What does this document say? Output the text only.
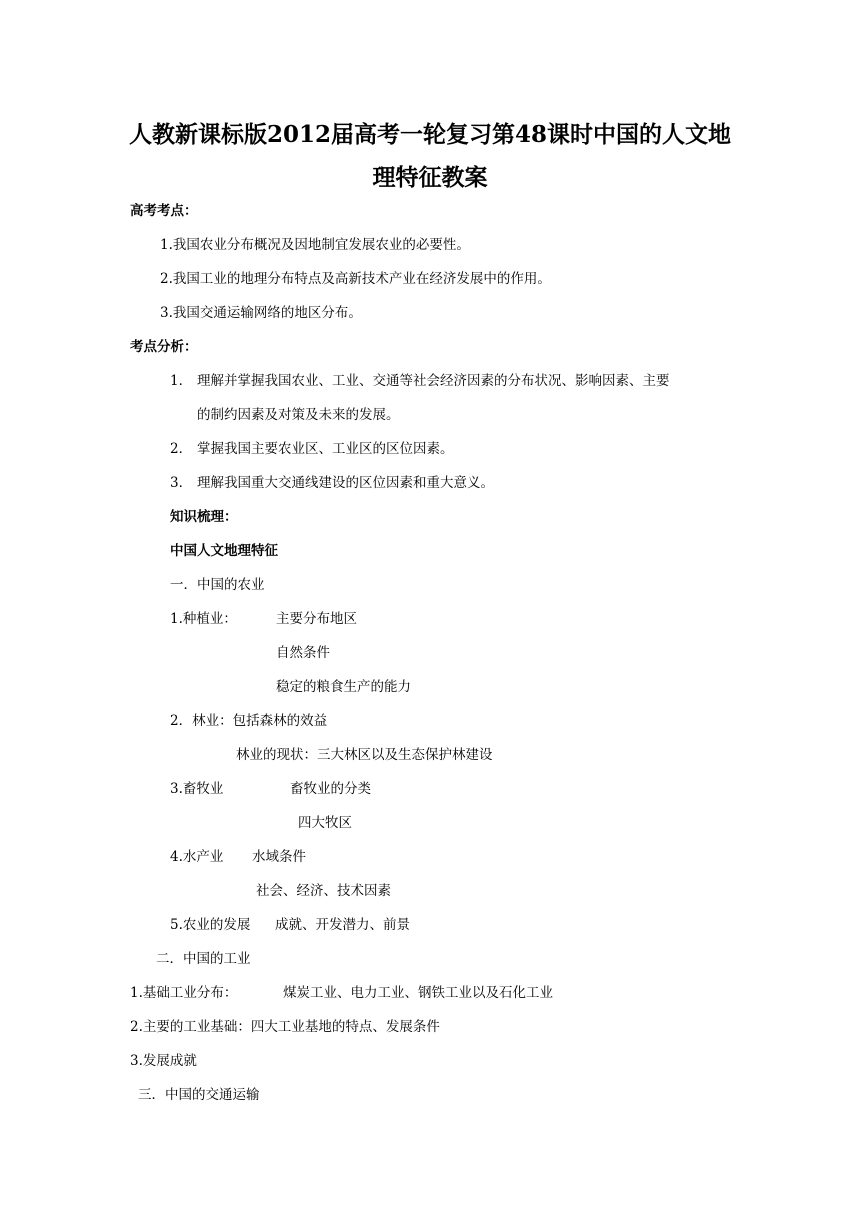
人教新课标版2012届高考一轮复习第48课时中国的人文地
理特征教案
高考考点：
1.我国农业分布概况及因地制宜发展农业的必要性。
2.我国工业的地理分布特点及高新技术产业在经济发展中的作用。
3.我国交通运输网络的地区分布。
考点分析：
1． 理解并掌握我国农业、工业、交通等社会经济因素的分布状况、影响因素、主要
的制约因素及对策及未来的发展。
2． 掌握我国主要农业区、工业区的区位因素。
3． 理解我国重大交通线建设的区位因素和重大意义。
知识梳理：
中国人文地理特征
一．中国的农业
1.种植业：	主要分布地区
自然条件
稳定的粮食生产的能力
2．林业：包括森林的效益
林业的现状：三大林区以及生态保护林建设
3.畜牧业	畜牧业的分类
四大牧区
4.水产业 水域条件
社会、经济、技术因素
5.农业的发展 成就、开发潜力、前景
二．中国的工业
1.基础工业分布：	煤炭工业、电力工业、钢铁工业以及石化工业
2.主要的工业基础：四大工业基地的特点、发展条件
3.发展成就
三．中国的交通运输
